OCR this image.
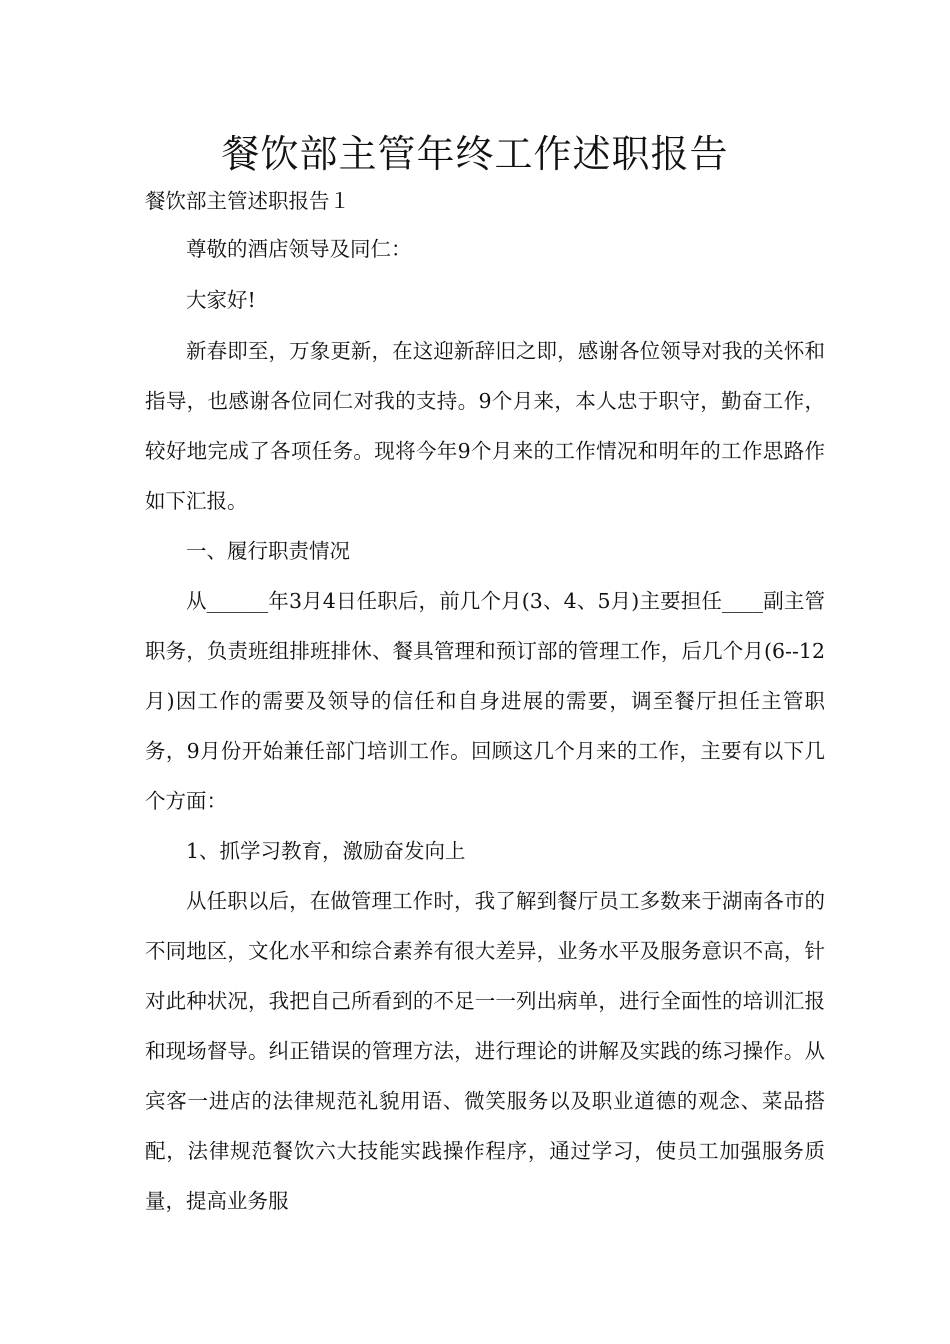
餐饮部主管年终工作述职报告

餐饮部主管述职报告１

尊敬的酒店领导及同仁：

大家好!

新春即至，万象更新，在这迎新辞旧之即，感谢各位领导对我的关怀和指导，也感谢各位同仁对我的支持。9个月来，本人忠于职守，勤奋工作，较好地完成了各项任务。现将今年9个月来的工作情况和明年的工作思路作如下汇报。

一、履行职责情况

从______年3月4日任职后，前几个月(3、4、5月)主要担任____副主管职务，负责班组排班排休、餐具管理和预订部的管理工作，后几个月(6--12月)因工作的需要及领导的信任和自身进展的需要，调至餐厅担任主管职务，9月份开始兼任部门培训工作。回顾这几个月来的工作，主要有以下几个方面：

1、抓学习教育，激励奋发向上

从任职以后，在做管理工作时，我了解到餐厅员工多数来于湖南各市的不同地区，文化水平和综合素养有很大差异，业务水平及服务意识不高，针对此种状况，我把自己所看到的不足一一列出病单，进行全面性的培训汇报和现场督导。纠正错误的管理方法，进行理论的讲解及实践的练习操作。从宾客一进店的法律规范礼貌用语、微笑服务以及职业道德的观念、菜品搭配，法律规范餐饮六大技能实践操作程序，通过学习，使员工加强服务质量，提高业务服
